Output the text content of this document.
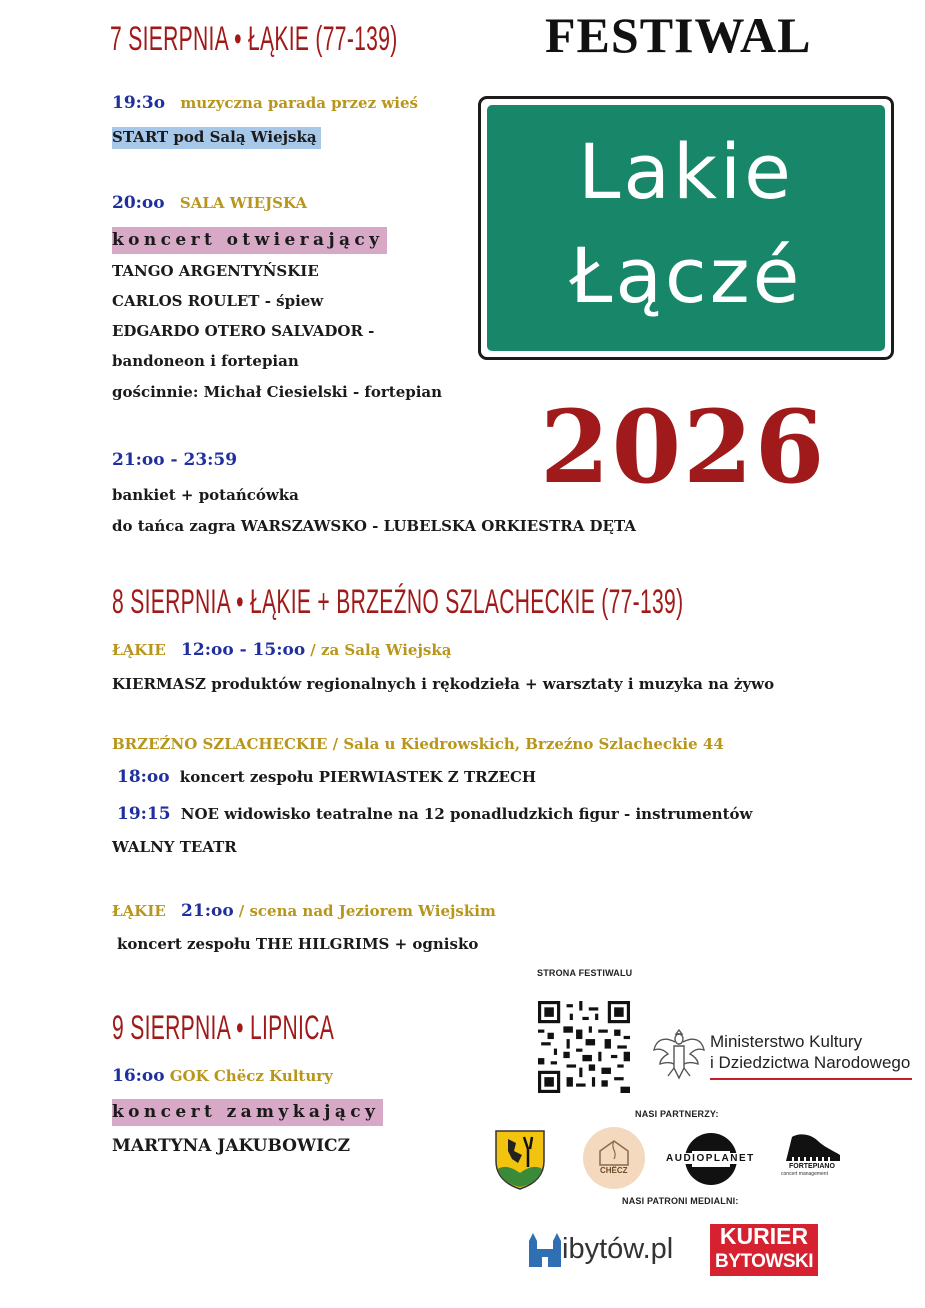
7 SIERPNIA • ŁĄKIE (77-139)
19:3o muzyczna parada przez wieś
START pod Salą Wiejską
20:oo SALA WIEJSKA
koncert otwierający
TANGO ARGENTYŃSKIE
CARLOS ROULET - śpiew
EDGARDO OTERO SALVADOR -
bandoneon i fortepian
gościnnie: Michał Ciesielski - fortepian
21:oo - 23:59
bankiet + potańcówka
do tańca zagra WARSZAWSKO - LUBELSKA ORKIESTRA DĘTA
FESTIWAL
Lakie
Łączé
2026
8 SIERPNIA • ŁĄKIE + BRZEŹNO SZLACHECKIE (77-139)
ŁĄKIE 12:oo - 15:oo / za Salą Wiejską
KIERMASZ produktów regionalnych i rękodzieła + warsztaty i muzyka na żywo
BRZEŹNO SZLACHECKIE / Sala u Kiedrowskich, Brzeźno Szlacheckie 44
18:oo koncert zespołu PIERWIASTEK Z TRZECH
19:15 NOE widowisko teatralne na 12 ponadludzkich figur - instrumentów
WALNY TEATR
ŁĄKIE 21:oo / scena nad Jeziorem Wiejskim
koncert zespołu THE HILGRIMS + ognisko
9 SIERPNIA • LIPNICA
16:oo GOK Chëcz Kultury
koncert zamykający
MARTYNA JAKUBOWICZ
STRONA FESTIWALU
Ministerstwo Kultury
i Dziedzictwa Narodowego
NASI PARTNERZY:
CHËCZ
AUDIOPLANET
FORTEPIANO
concert management
NASI PATRONI MEDIALNI:
ibytów.pl	KURIER
BYTOWSKI
